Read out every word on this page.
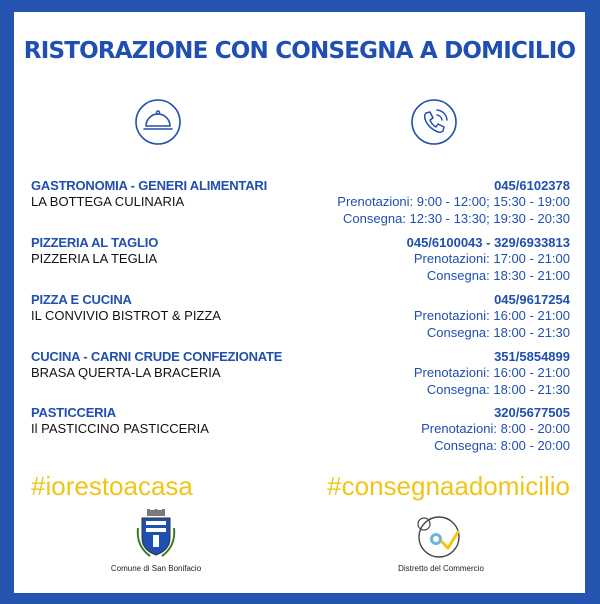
RISTORAZIONE CON CONSEGNA A DOMICILIO
GASTRONOMIA - GENERI ALIMENTARI
LA BOTTEGA CULINARIA
045/6102378
Prenotazioni: 9:00 - 12:00; 15:30 - 19:00
Consegna: 12:30 - 13:30; 19:30 - 20:30
PIZZERIA AL TAGLIO
PIZZERIA LA TEGLIA
045/6100043 - 329/6933813
Prenotazioni: 17:00 - 21:00
Consegna: 18:30 - 21:00
PIZZA E CUCINA
IL CONVIVIO BISTROT & PIZZA
045/9617254
Prenotazioni: 16:00 - 21:00
Consegna: 18:00 - 21:30
CUCINA - CARNI CRUDE CONFEZIONATE
BRASA QUERTA-LA BRACERIA
351/5854899
Prenotazioni: 16:00 - 21:00
Consegna: 18:00 - 21:30
PASTICCERIA
Il PASTICCINO PASTICCERIA
320/5677505
Prenotazioni: 8:00 - 20:00
Consegna: 8:00 - 20:00
#iorestoacasa	#consegnaadomicilio
Comune di San Bonifacio	Distretto del Commercio
